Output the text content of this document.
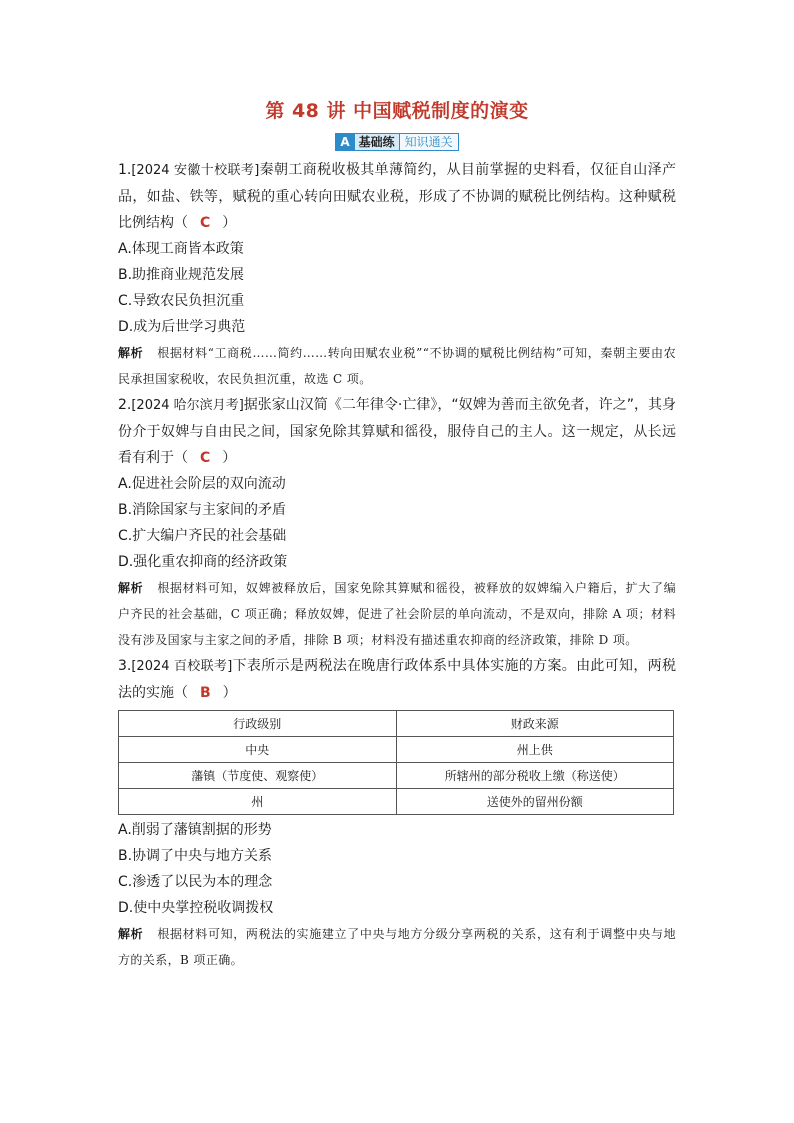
第 48 讲 中国赋税制度的演变
A 基础练 知识通关

1.[2024 安徽十校联考]秦朝工商税收极其单薄简约，从目前掌握的史料看，仅征自山泽产品，如盐、铁等，赋税的重心转向田赋农业税，形成了不协调的赋税比例结构。这种赋税比例结构（ C ）

A.体现工商皆本政策

B.助推商业规范发展

C.导致农民负担沉重

D.成为后世学习典范

解析 根据材料“工商税……简约……转向田赋农业税”“不协调的赋税比例结构”可知，秦朝主要由农民承担国家税收，农民负担沉重，故选 C 项。

2.[2024 哈尔滨月考]据张家山汉简《二年律令·亡律》，“奴婢为善而主欲免者，许之”，其身份介于奴婢与自由民之间，国家免除其算赋和徭役，服侍自己的主人。这一规定，从长远看有利于（ C ）

A.促进社会阶层的双向流动

B.消除国家与主家间的矛盾

C.扩大编户齐民的社会基础

D.强化重农抑商的经济政策

解析 根据材料可知，奴婢被释放后，国家免除其算赋和徭役，被释放的奴婢编入户籍后，扩大了编户齐民的社会基础，C 项正确；释放奴婢，促进了社会阶层的单向流动，不是双向，排除 A 项；材料没有涉及国家与主家之间的矛盾，排除 B 项；材料没有描述重农抑商的经济政策，排除 D 项。

3.[2024 百校联考]下表所示是两税法在晚唐行政体系中具体实施的方案。由此可知，两税法的实施（ B ）

行政级别	财政来源
中央	州上供
藩镇（节度使、观察使）	所辖州的部分税收上缴（称送使）
州	送使外的留州份额

A.削弱了藩镇割据的形势

B.协调了中央与地方关系

C.渗透了以民为本的理念

D.使中央掌控税收调拨权

解析 根据材料可知，两税法的实施建立了中央与地方分级分享两税的关系，这有利于调整中央与地方的关系，B 项正确。
